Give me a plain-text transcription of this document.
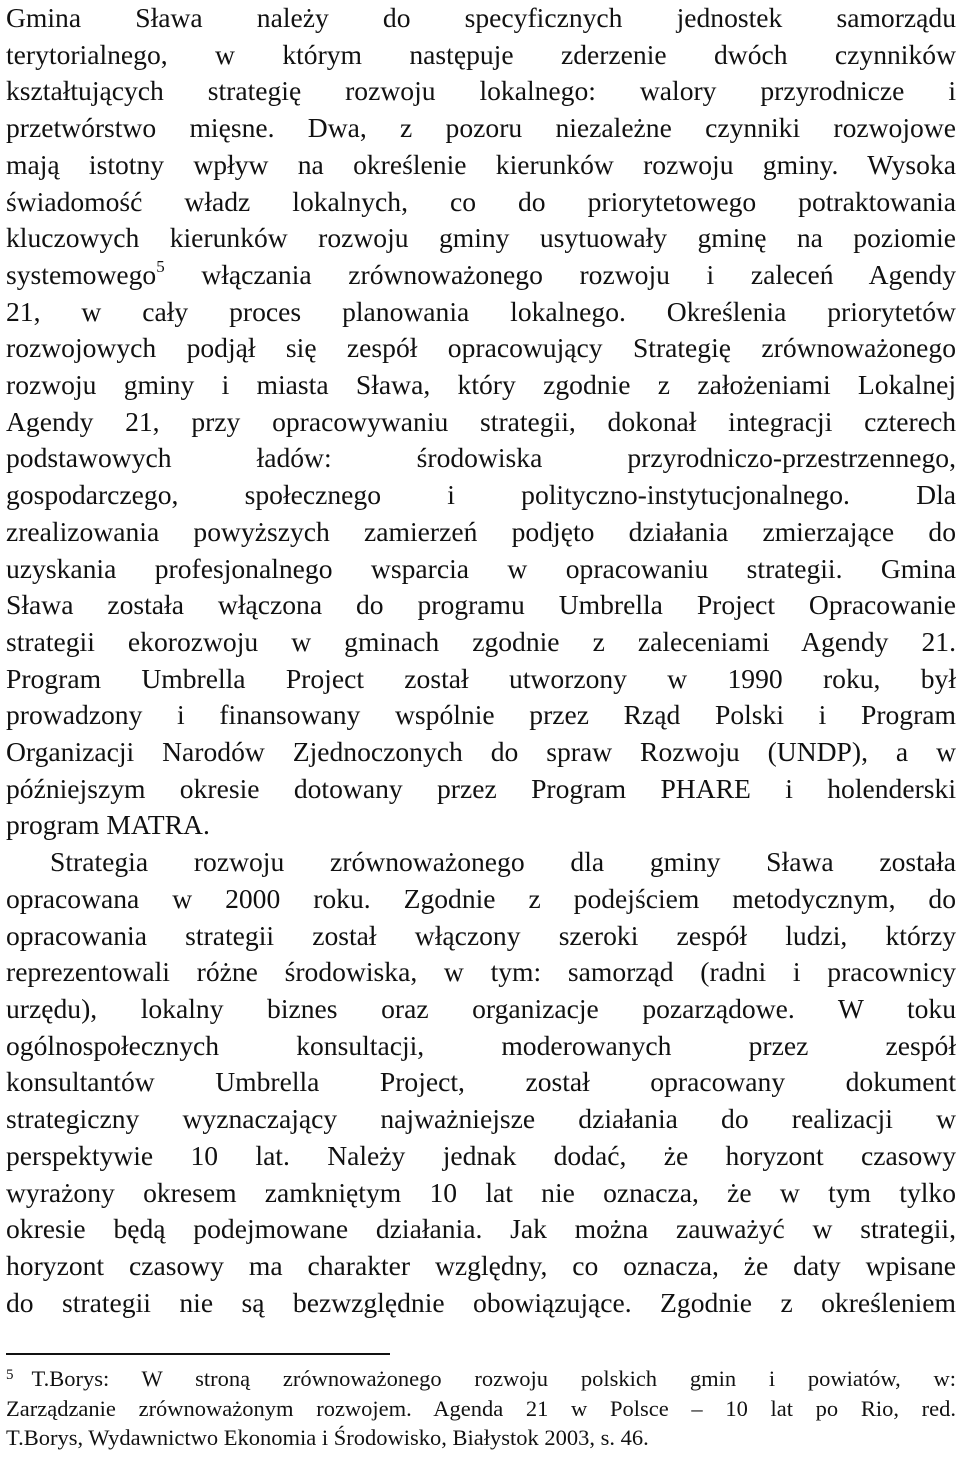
Gmina Sława należy do specyficznych jednostek samorządu
terytorialnego, w którym następuje zderzenie dwóch czynników
kształtujących strategię rozwoju lokalnego: walory przyrodnicze i
przetwórstwo mięsne. Dwa, z pozoru niezależne czynniki rozwojowe
mają istotny wpływ na określenie kierunków rozwoju gminy. Wysoka
świadomość władz lokalnych, co do priorytetowego potraktowania
kluczowych kierunków rozwoju gminy usytuowały gminę na poziomie
systemowego$^5$ włączania zrównoważonego rozwoju i zaleceń Agendy
21, w cały proces planowania lokalnego. Określenia priorytetów
rozwojowych podjął się zespół opracowujący Strategię zrównoważonego
rozwoju gminy i miasta Sława, który zgodnie z założeniami Lokalnej
Agendy 21, przy opracowywaniu strategii, dokonał integracji czterech
podstawowych ładów: środowiska przyrodniczo-przestrzennego,
gospodarczego, społecznego i polityczno-instytucjonalnego. Dla
zrealizowania powyższych zamierzeń podjęto działania zmierzające do
uzyskania profesjonalnego wsparcia w opracowaniu strategii. Gmina
Sława została włączona do programu Umbrella Project Opracowanie
strategii ekorozwoju w gminach zgodnie z zaleceniami Agendy 21.
Program Umbrella Project został utworzony w 1990 roku, był
prowadzony i finansowany wspólnie przez Rząd Polski i Program
Organizacji Narodów Zjednoczonych do spraw Rozwoju (UNDP), a w
późniejszym okresie dotowany przez Program PHARE i holenderski
program MATRA.
Strategia rozwoju zrównoważonego dla gminy Sława została
opracowana w 2000 roku. Zgodnie z podejściem metodycznym, do
opracowania strategii został włączony szeroki zespół ludzi, którzy
reprezentowali różne środowiska, w tym: samorząd (radni i pracownicy
urzędu), lokalny biznes oraz organizacje pozarządowe. W toku
ogólnospołecznych konsultacji, moderowanych przez zespół
konsultantów Umbrella Project, został opracowany dokument
strategiczny wyznaczający najważniejsze działania do realizacji w
perspektywie 10 lat. Należy jednak dodać, że horyzont czasowy
wyrażony okresem zamkniętym 10 lat nie oznacza, że w tym tylko
okresie będą podejmowane działania. Jak można zauważyć w strategii,
horyzont czasowy ma charakter względny, co oznacza, że daty wpisane
do strategii nie są bezwzględnie obowiązujące. Zgodnie z określeniem
$^5$ T.Borys: W stroną zrównoważonego rozwoju polskich gmin i powiatów, w:
Zarządzanie zrównoważonym rozwojem. Agenda 21 w Polsce – 10 lat po Rio, red.
T.Borys, Wydawnictwo Ekonomia i Środowisko, Białystok 2003, s. 46.
